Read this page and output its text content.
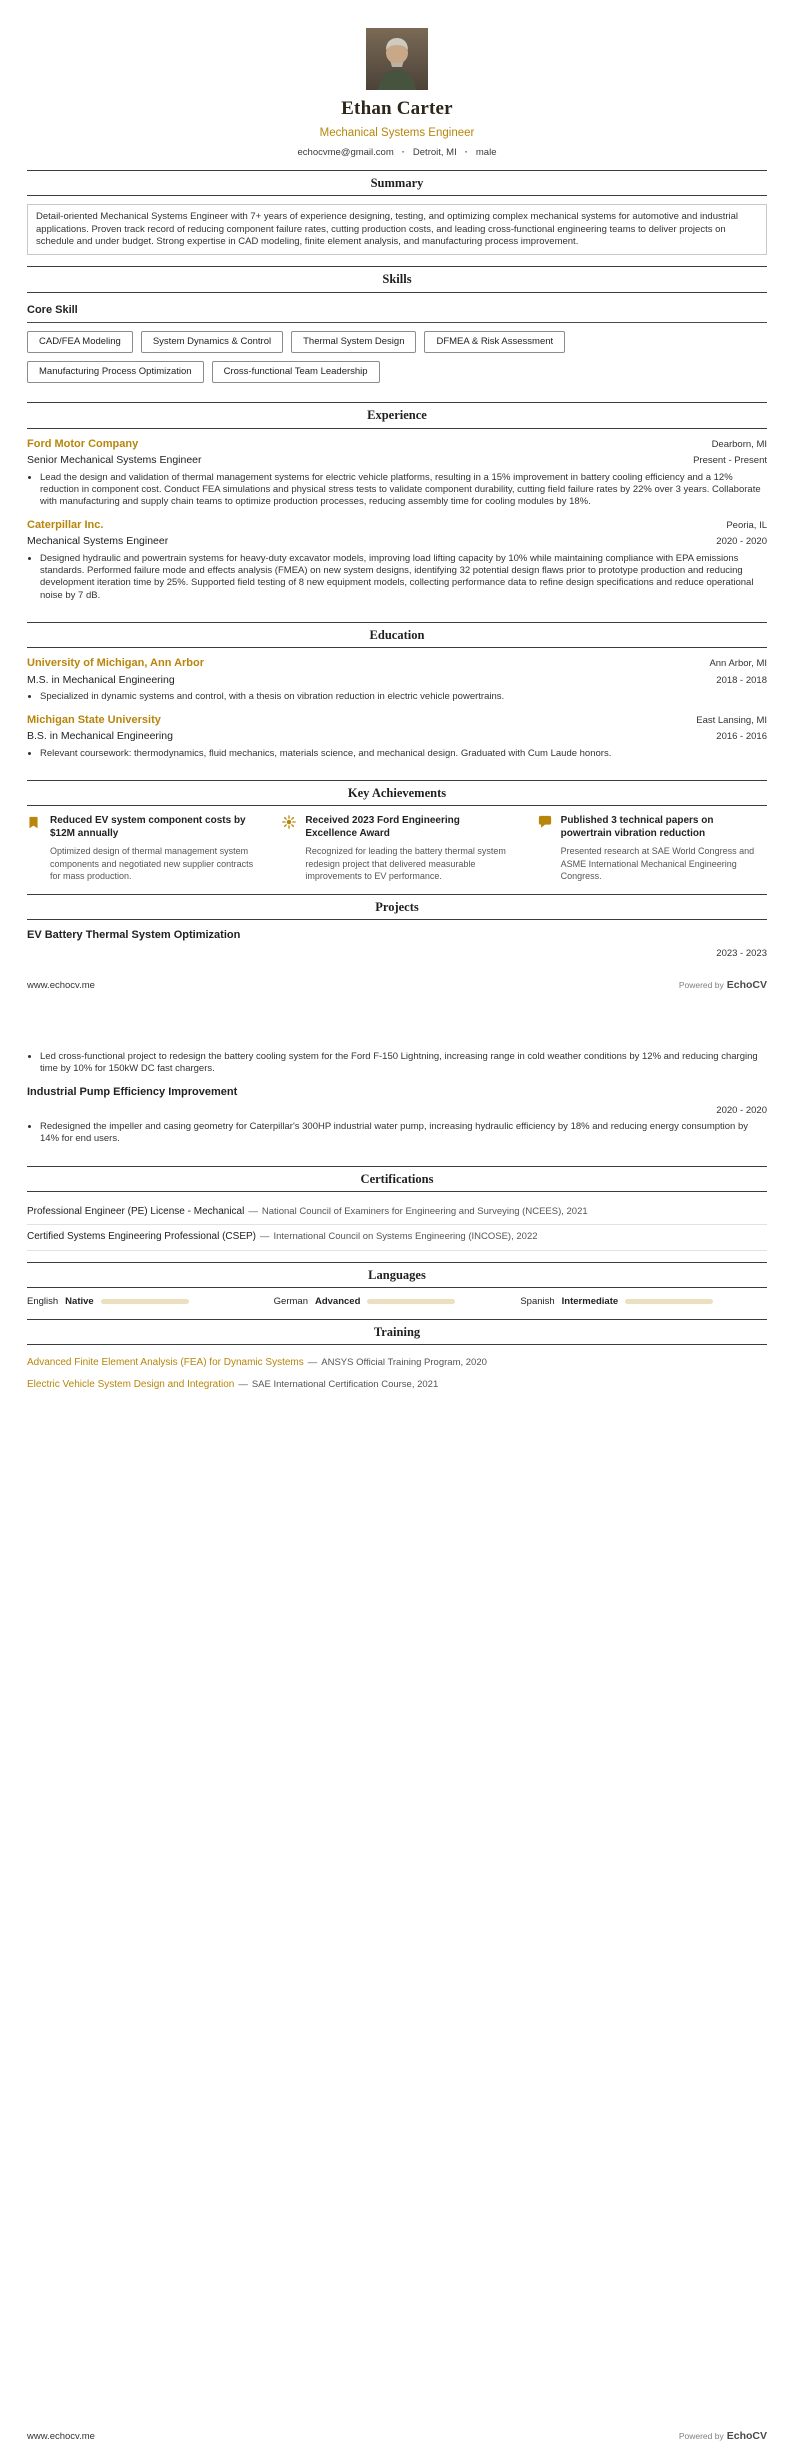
Ethan Carter
Mechanical Systems Engineer
echocvme@gmail.com · Detroit, MI · male
Summary

Detail-oriented Mechanical Systems Engineer with 7+ years of experience designing, testing, and optimizing complex mechanical systems for automotive and industrial applications. Proven track record of reducing component failure rates, cutting production costs, and leading cross-functional engineering teams to deliver projects on schedule and under budget. Strong expertise in CAD modeling, finite element analysis, and manufacturing process improvement.

Skills
Core Skill
CAD/FEA Modeling	System Dynamics & Control	Thermal System Design	DFMEA & Risk Assessment
Manufacturing Process Optimization	Cross-functional Team Leadership
Experience
Ford Motor Company	Dearborn, MI
Senior Mechanical Systems Engineer	Present - Present
• Lead the design and validation of thermal management systems for electric vehicle platforms, resulting in a 15% improvement in battery cooling efficiency and a 12% reduction in component cost. Conduct FEA simulations and physical stress tests to validate component durability, cutting field failure rates by 22% over 3 years. Collaborate with manufacturing and supply chain teams to optimize production processes, reducing assembly time for cooling modules by 18%.
Caterpillar Inc.	Peoria, IL
Mechanical Systems Engineer	2020 - 2020
• Designed hydraulic and powertrain systems for heavy-duty excavator models, improving load lifting capacity by 10% while maintaining compliance with EPA emissions standards. Performed failure mode and effects analysis (FMEA) on new system designs, identifying 32 potential design flaws prior to prototype production and reducing development iteration time by 25%. Supported field testing of 8 new equipment models, collecting performance data to refine design specifications and reduce operational noise by 7 dB.
Education
University of Michigan, Ann Arbor	Ann Arbor, MI
M.S. in Mechanical Engineering	2018 - 2018
• Specialized in dynamic systems and control, with a thesis on vibration reduction in electric vehicle powertrains.
Michigan State University	East Lansing, MI
B.S. in Mechanical Engineering	2016 - 2016
• Relevant coursework: thermodynamics, fluid mechanics, materials science, and mechanical design. Graduated with Cum Laude honors.
Key Achievements

Reduced EV system component costs by $12M annually

Optimized design of thermal management system components and negotiated new supplier contracts for mass production.

Received 2023 Ford Engineering Excellence Award

Recognized for leading the battery thermal system redesign project that delivered measurable improvements to EV performance.

Published 3 technical papers on powertrain vibration reduction

Presented research at SAE World Congress and ASME International Mechanical Engineering Congress.
Projects
EV Battery Thermal System Optimization
2023 - 2023
www.echocv.me	Powered by EchoCV
• Led cross-functional project to redesign the battery cooling system for the Ford F-150 Lightning, increasing range in cold weather conditions by 12% and reducing charging time by 10% for 150kW DC fast chargers.
Industrial Pump Efficiency Improvement
2020 - 2020
• Redesigned the impeller and casing geometry for Caterpillar's 300HP industrial water pump, increasing hydraulic efficiency by 18% and reducing energy consumption by 14% for end users.
Certifications
Professional Engineer (PE) License - Mechanical — National Council of Examiners for Engineering and Surveying (NCEES), 2021
Certified Systems Engineering Professional (CSEP) — International Council on Systems Engineering (INCOSE), 2022
Languages
English Native	German Advanced	Spanish Intermediate
Training
Advanced Finite Element Analysis (FEA) for Dynamic Systems — ANSYS Official Training Program, 2020
Electric Vehicle System Design and Integration — SAE International Certification Course, 2021
www.echocv.me	Powered by EchoCV
